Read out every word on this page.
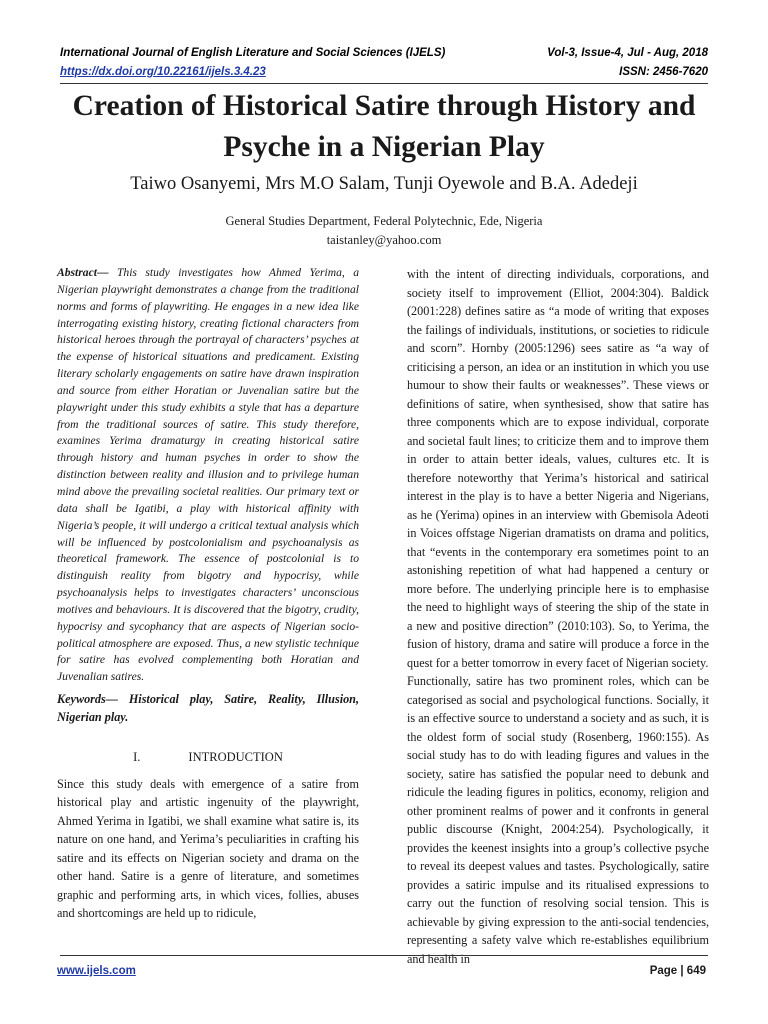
International Journal of English Literature and Social Sciences (IJELS)	Vol-3, Issue-4, Jul - Aug, 2018
https://dx.doi.org/10.22161/ijels.3.4.23	ISSN: 2456-7620
Creation of Historical Satire through History and Psyche in a Nigerian Play
Taiwo Osanyemi, Mrs M.O Salam, Tunji Oyewole and B.A. Adedeji
General Studies Department, Federal Polytechnic, Ede, Nigeria
taistanley@yahoo.com

Abstract— This study investigates how Ahmed Yerima, a Nigerian playwright demonstrates a change from the traditional norms and forms of playwriting. He engages in a new idea like interrogating existing history, creating fictional characters from historical heroes through the portrayal of characters’ psyches at the expense of historical situations and predicament. Existing literary scholarly engagements on satire have drawn inspiration and source from either Horatian or Juvenalian satire but the playwright under this study exhibits a style that has a departure from the traditional sources of satire. This study therefore, examines Yerima dramaturgy in creating historical satire through history and human psyches in order to show the distinction between reality and illusion and to privilege human mind above the prevailing societal realities. Our primary text or data shall be Igatibi, a play with historical affinity with Nigeria’s people, it will undergo a critical textual analysis which will be influenced by postcolonialism and psychoanalysis as theoretical framework. The essence of postcolonial is to distinguish reality from bigotry and hypocrisy, while psychoanalysis helps to investigates characters’ unconscious motives and behaviours. It is discovered that the bigotry, crudity, hypocrisy and sycophancy that are aspects of Nigerian socio-political atmosphere are exposed. Thus, a new stylistic technique for satire has evolved complementing both Horatian and Juvenalian satires.

Keywords— Historical play, Satire, Reality, Illusion, Nigerian play.

I.	INTRODUCTION

Since this study deals with emergence of a satire from historical play and artistic ingenuity of the playwright, Ahmed Yerima in Igatibi, we shall examine what satire is, its nature on one hand, and Yerima’s peculiarities in crafting his satire and its effects on Nigerian society and drama on the other hand. Satire is a genre of literature, and sometimes graphic and performing arts, in which vices, follies, abuses and shortcomings are held up to ridicule,

with the intent of directing individuals, corporations, and society itself to improvement (Elliot, 2004:304). Baldick (2001:228) defines satire as “a mode of writing that exposes the failings of individuals, institutions, or societies to ridicule and scorn”. Hornby (2005:1296) sees satire as “a way of criticising a person, an idea or an institution in which you use humour to show their faults or weaknesses”. These views or definitions of satire, when synthesised, show that satire has three components which are to expose individual, corporate and societal fault lines; to criticize them and to improve them in order to attain better ideals, values, cultures etc. It is therefore noteworthy that Yerima’s historical and satirical interest in the play is to have a better Nigeria and Nigerians, as he (Yerima) opines in an interview with Gbemisola Adeoti in Voices offstage Nigerian dramatists on drama and politics, that “events in the contemporary era sometimes point to an astonishing repetition of what had happened a century or more before. The underlying principle here is to emphasise the need to highlight ways of steering the ship of the state in a new and positive direction” (2010:103). So, to Yerima, the fusion of history, drama and satire will produce a force in the quest for a better tomorrow in every facet of Nigerian society.

Functionally, satire has two prominent roles, which can be categorised as social and psychological functions. Socially, it is an effective source to understand a society and as such, it is the oldest form of social study (Rosenberg, 1960:155). As social study has to do with leading figures and values in the society, satire has satisfied the popular need to debunk and ridicule the leading figures in politics, economy, religion and other prominent realms of power and it confronts in general public discourse (Knight, 2004:254). Psychologically, it provides the keenest insights into a group’s collective psyche to reveal its deepest values and tastes. Psychologically, satire provides a satiric impulse and its ritualised expressions to carry out the function of resolving social tension. This is achievable by giving expression to the anti-social tendencies, representing a safety valve which re-establishes equilibrium and health in

www.ijels.com	Page | 649
